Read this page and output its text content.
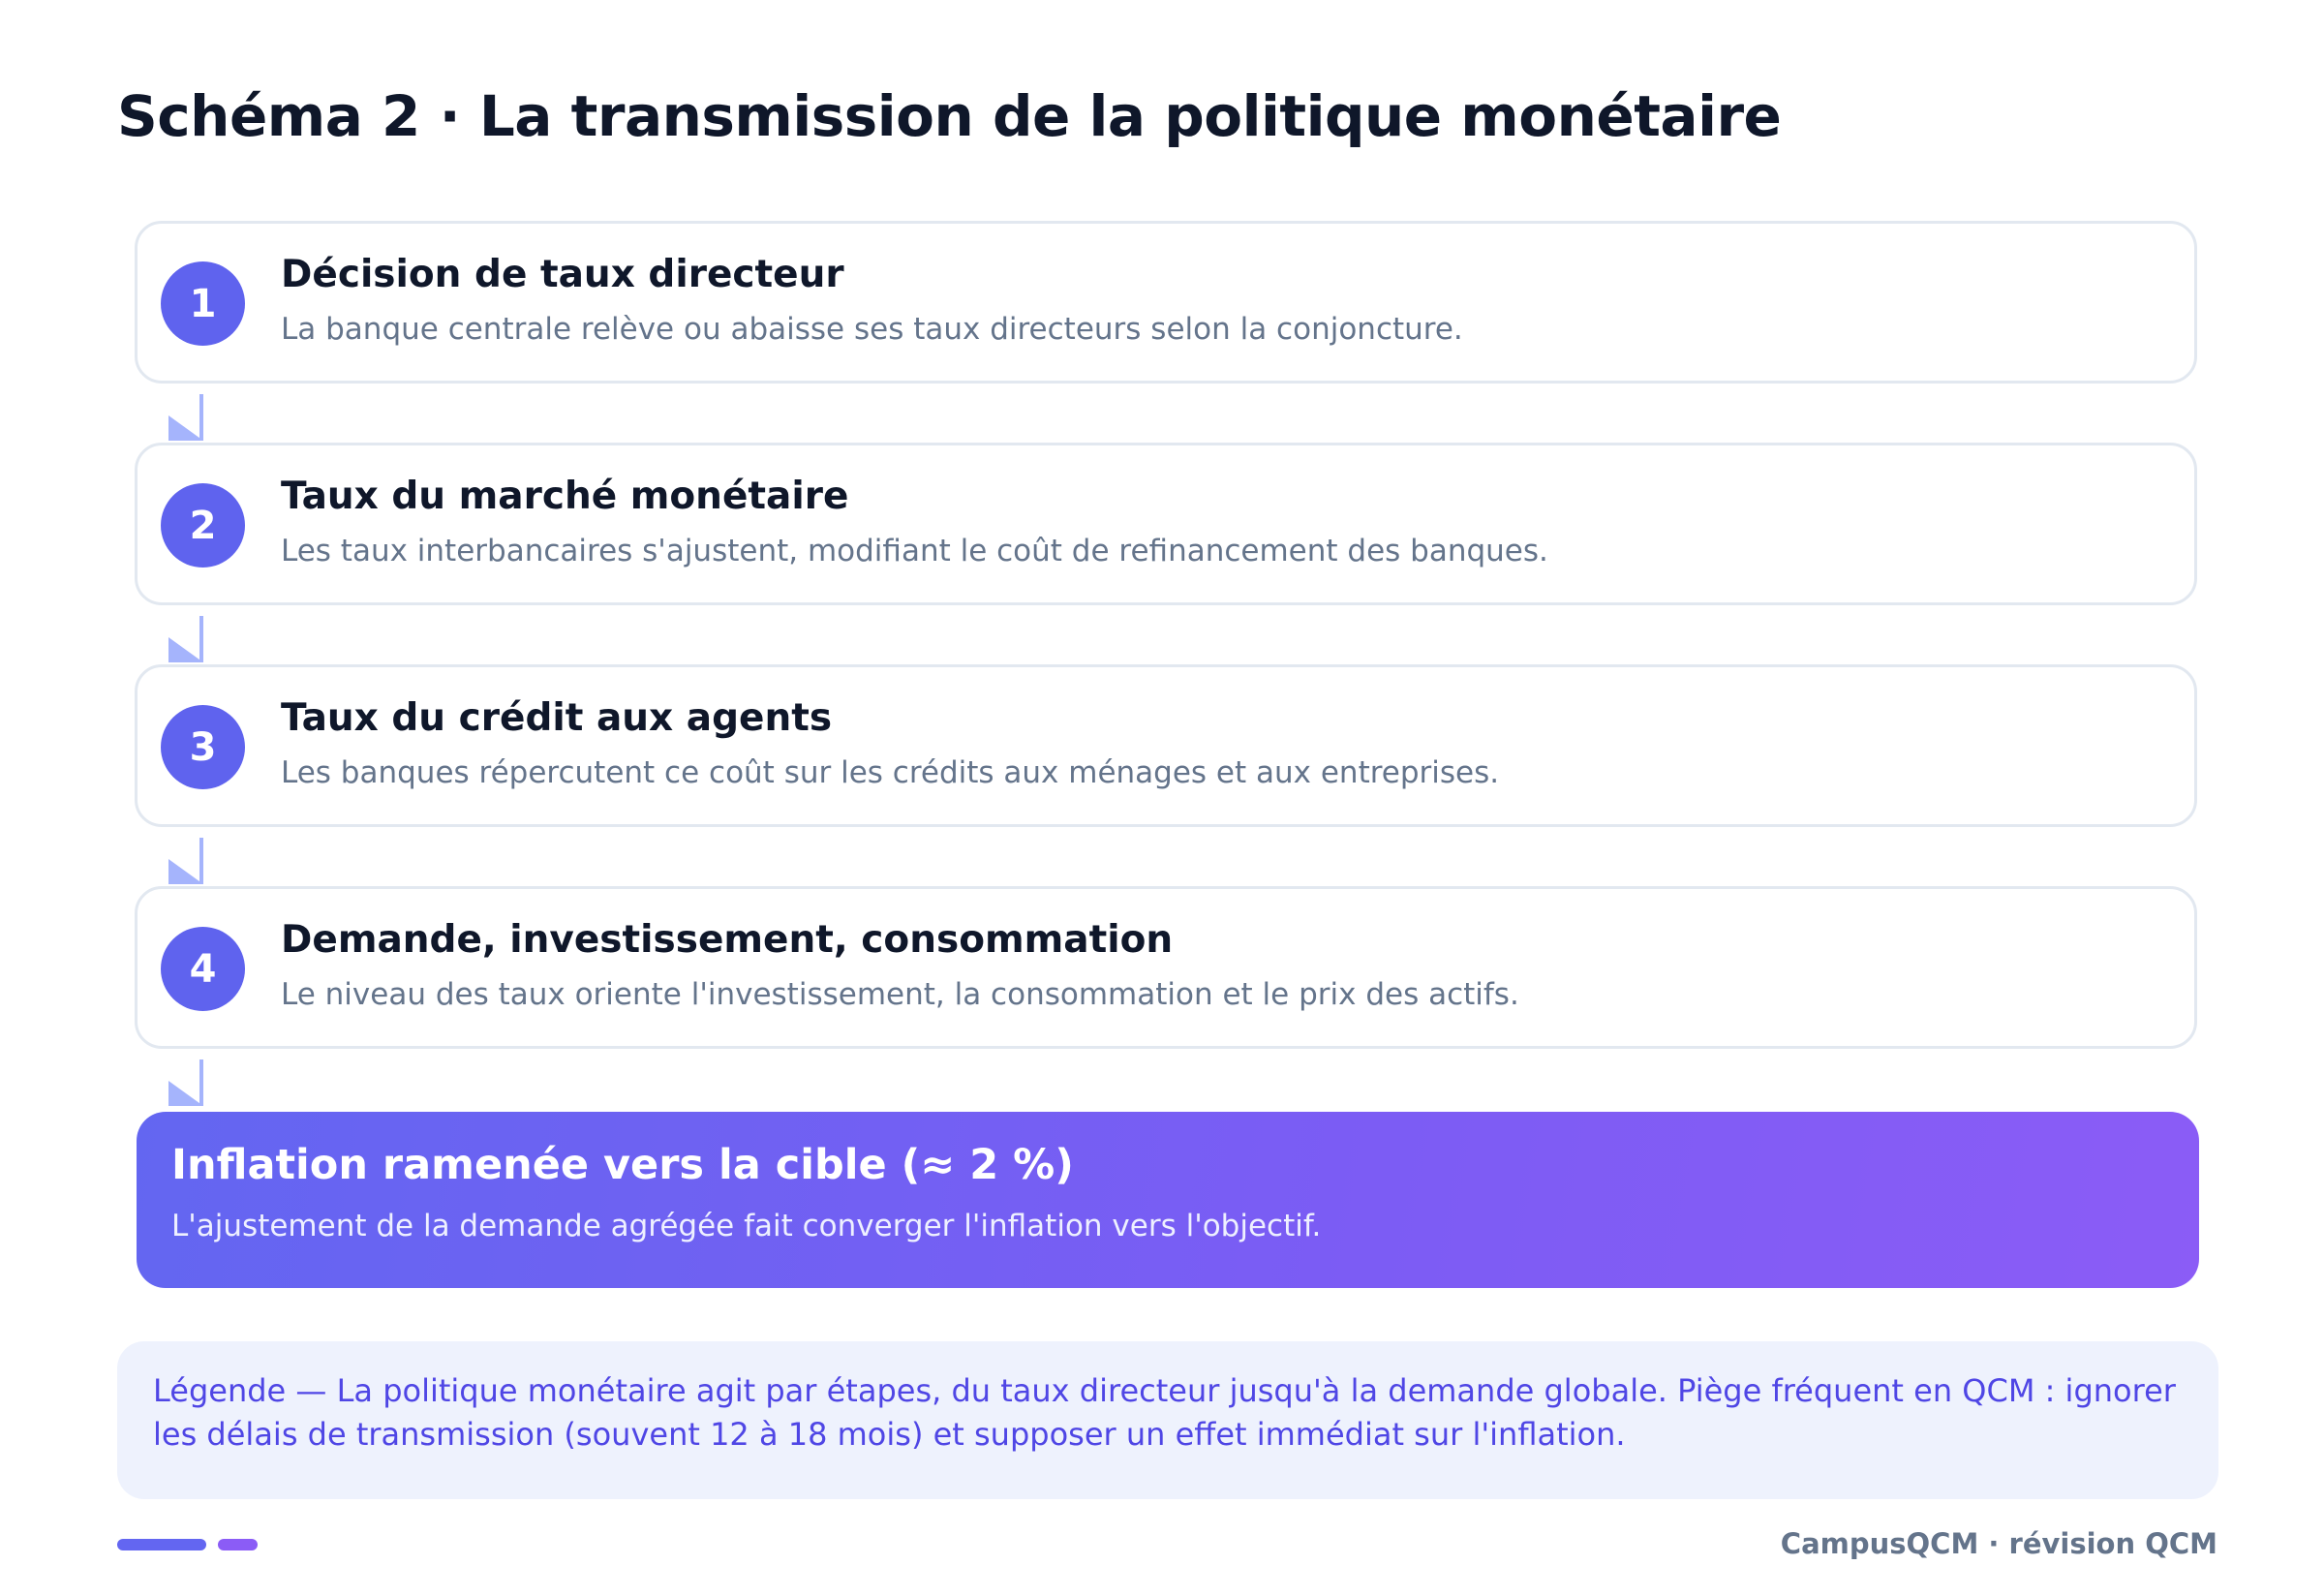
Schéma 2 · La transmission de la politique monétaire
1
Décision de taux directeur
La banque centrale relève ou abaisse ses taux directeurs selon la conjoncture.
2
Taux du marché monétaire
Les taux interbancaires s'ajustent, modifiant le coût de refinancement des banques.
3
Taux du crédit aux agents
Les banques répercutent ce coût sur les crédits aux ménages et aux entreprises.
4
Demande, investissement, consommation
Le niveau des taux oriente l'investissement, la consommation et le prix des actifs.
Inflation ramenée vers la cible (≈ 2 %)
L'ajustement de la demande agrégée fait converger l'inflation vers l'objectif.
Légende — La politique monétaire agit par étapes, du taux directeur jusqu'à la demande globale. Piège fréquent en QCM : ignorer les délais de transmission (souvent 12 à 18 mois) et supposer un effet immédiat sur l'inflation.
CampusQCM · révision QCM
